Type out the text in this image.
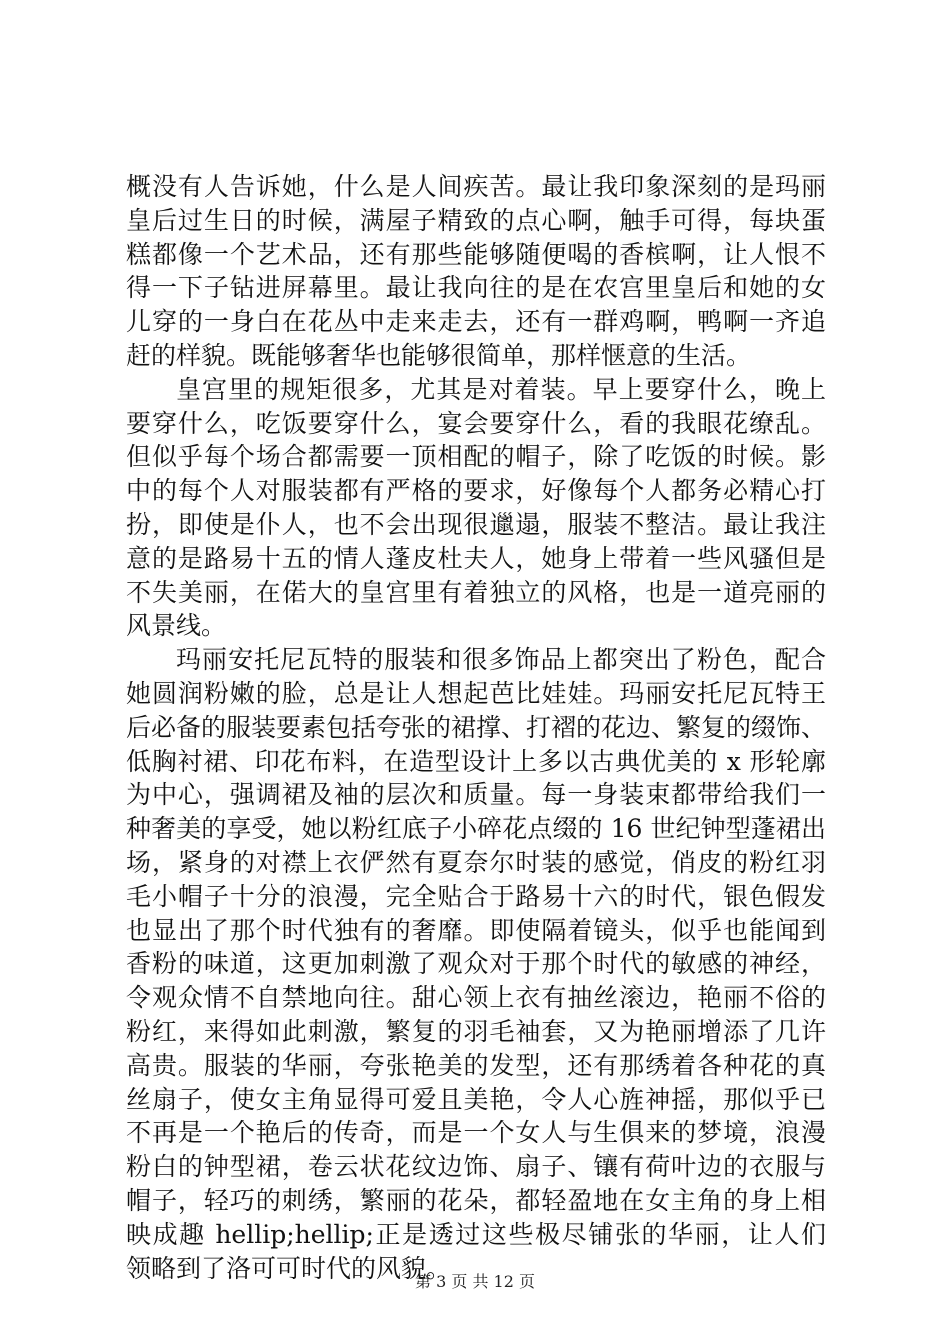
概没有人告诉她，什么是人间疾苦。最让我印象深刻的是玛丽
皇后过生日的时候，满屋子精致的点心啊，触手可得，每块蛋
糕都像一个艺术品，还有那些能够随便喝的香槟啊，让人恨不
得一下子钻进屏幕里。最让我向往的是在农宫里皇后和她的女
儿穿的一身白在花丛中走来走去，还有一群鸡啊，鸭啊一齐追
赶的样貌。既能够奢华也能够很简单，那样惬意的生活。
皇宫里的规矩很多，尤其是对着装。早上要穿什么，晚上
要穿什么，吃饭要穿什么，宴会要穿什么，看的我眼花缭乱。
但似乎每个场合都需要一顶相配的帽子，除了吃饭的时候。影
中的每个人对服装都有严格的要求，好像每个人都务必精心打
扮，即使是仆人，也不会出现很邋遢，服装不整洁。最让我注
意的是路易十五的情人蓬皮杜夫人，她身上带着一些风骚但是
不失美丽，在偌大的皇宫里有着独立的风格，也是一道亮丽的
风景线。
玛丽安托尼瓦特的服装和很多饰品上都突出了粉色，配合
她圆润粉嫩的脸，总是让人想起芭比娃娃。玛丽安托尼瓦特王
后必备的服装要素包括夸张的裙撑、打褶的花边、繁复的缀饰、
低胸衬裙、印花布料，在造型设计上多以古典优美的 x 形轮廓
为中心，强调裙及袖的层次和质量。每一身装束都带给我们一
种奢美的享受，她以粉红底子小碎花点缀的 16 世纪钟型蓬裙出
场，紧身的对襟上衣俨然有夏奈尔时装的感觉，俏皮的粉红羽
毛小帽子十分的浪漫，完全贴合于路易十六的时代，银色假发
也显出了那个时代独有的奢靡。即使隔着镜头，似乎也能闻到
香粉的味道，这更加刺激了观众对于那个时代的敏感的神经，
令观众情不自禁地向往。甜心领上衣有抽丝滚边，艳丽不俗的
粉红，来得如此刺激，繁复的羽毛袖套，又为艳丽增添了几许
高贵。服装的华丽，夸张艳美的发型，还有那绣着各种花的真
丝扇子，使女主角显得可爱且美艳，令人心旌神摇，那似乎已
不再是一个艳后的传奇，而是一个女人与生俱来的梦境，浪漫
粉白的钟型裙，卷云状花纹边饰、扇子、镶有荷叶边的衣服与
帽子，轻巧的刺绣，繁丽的花朵，都轻盈地在女主角的身上相
映成趣 hellip;hellip;正是透过这些极尽铺张的华丽，让人们
领略到了洛可可时代的风貌。
第 3 页 共 12 页
